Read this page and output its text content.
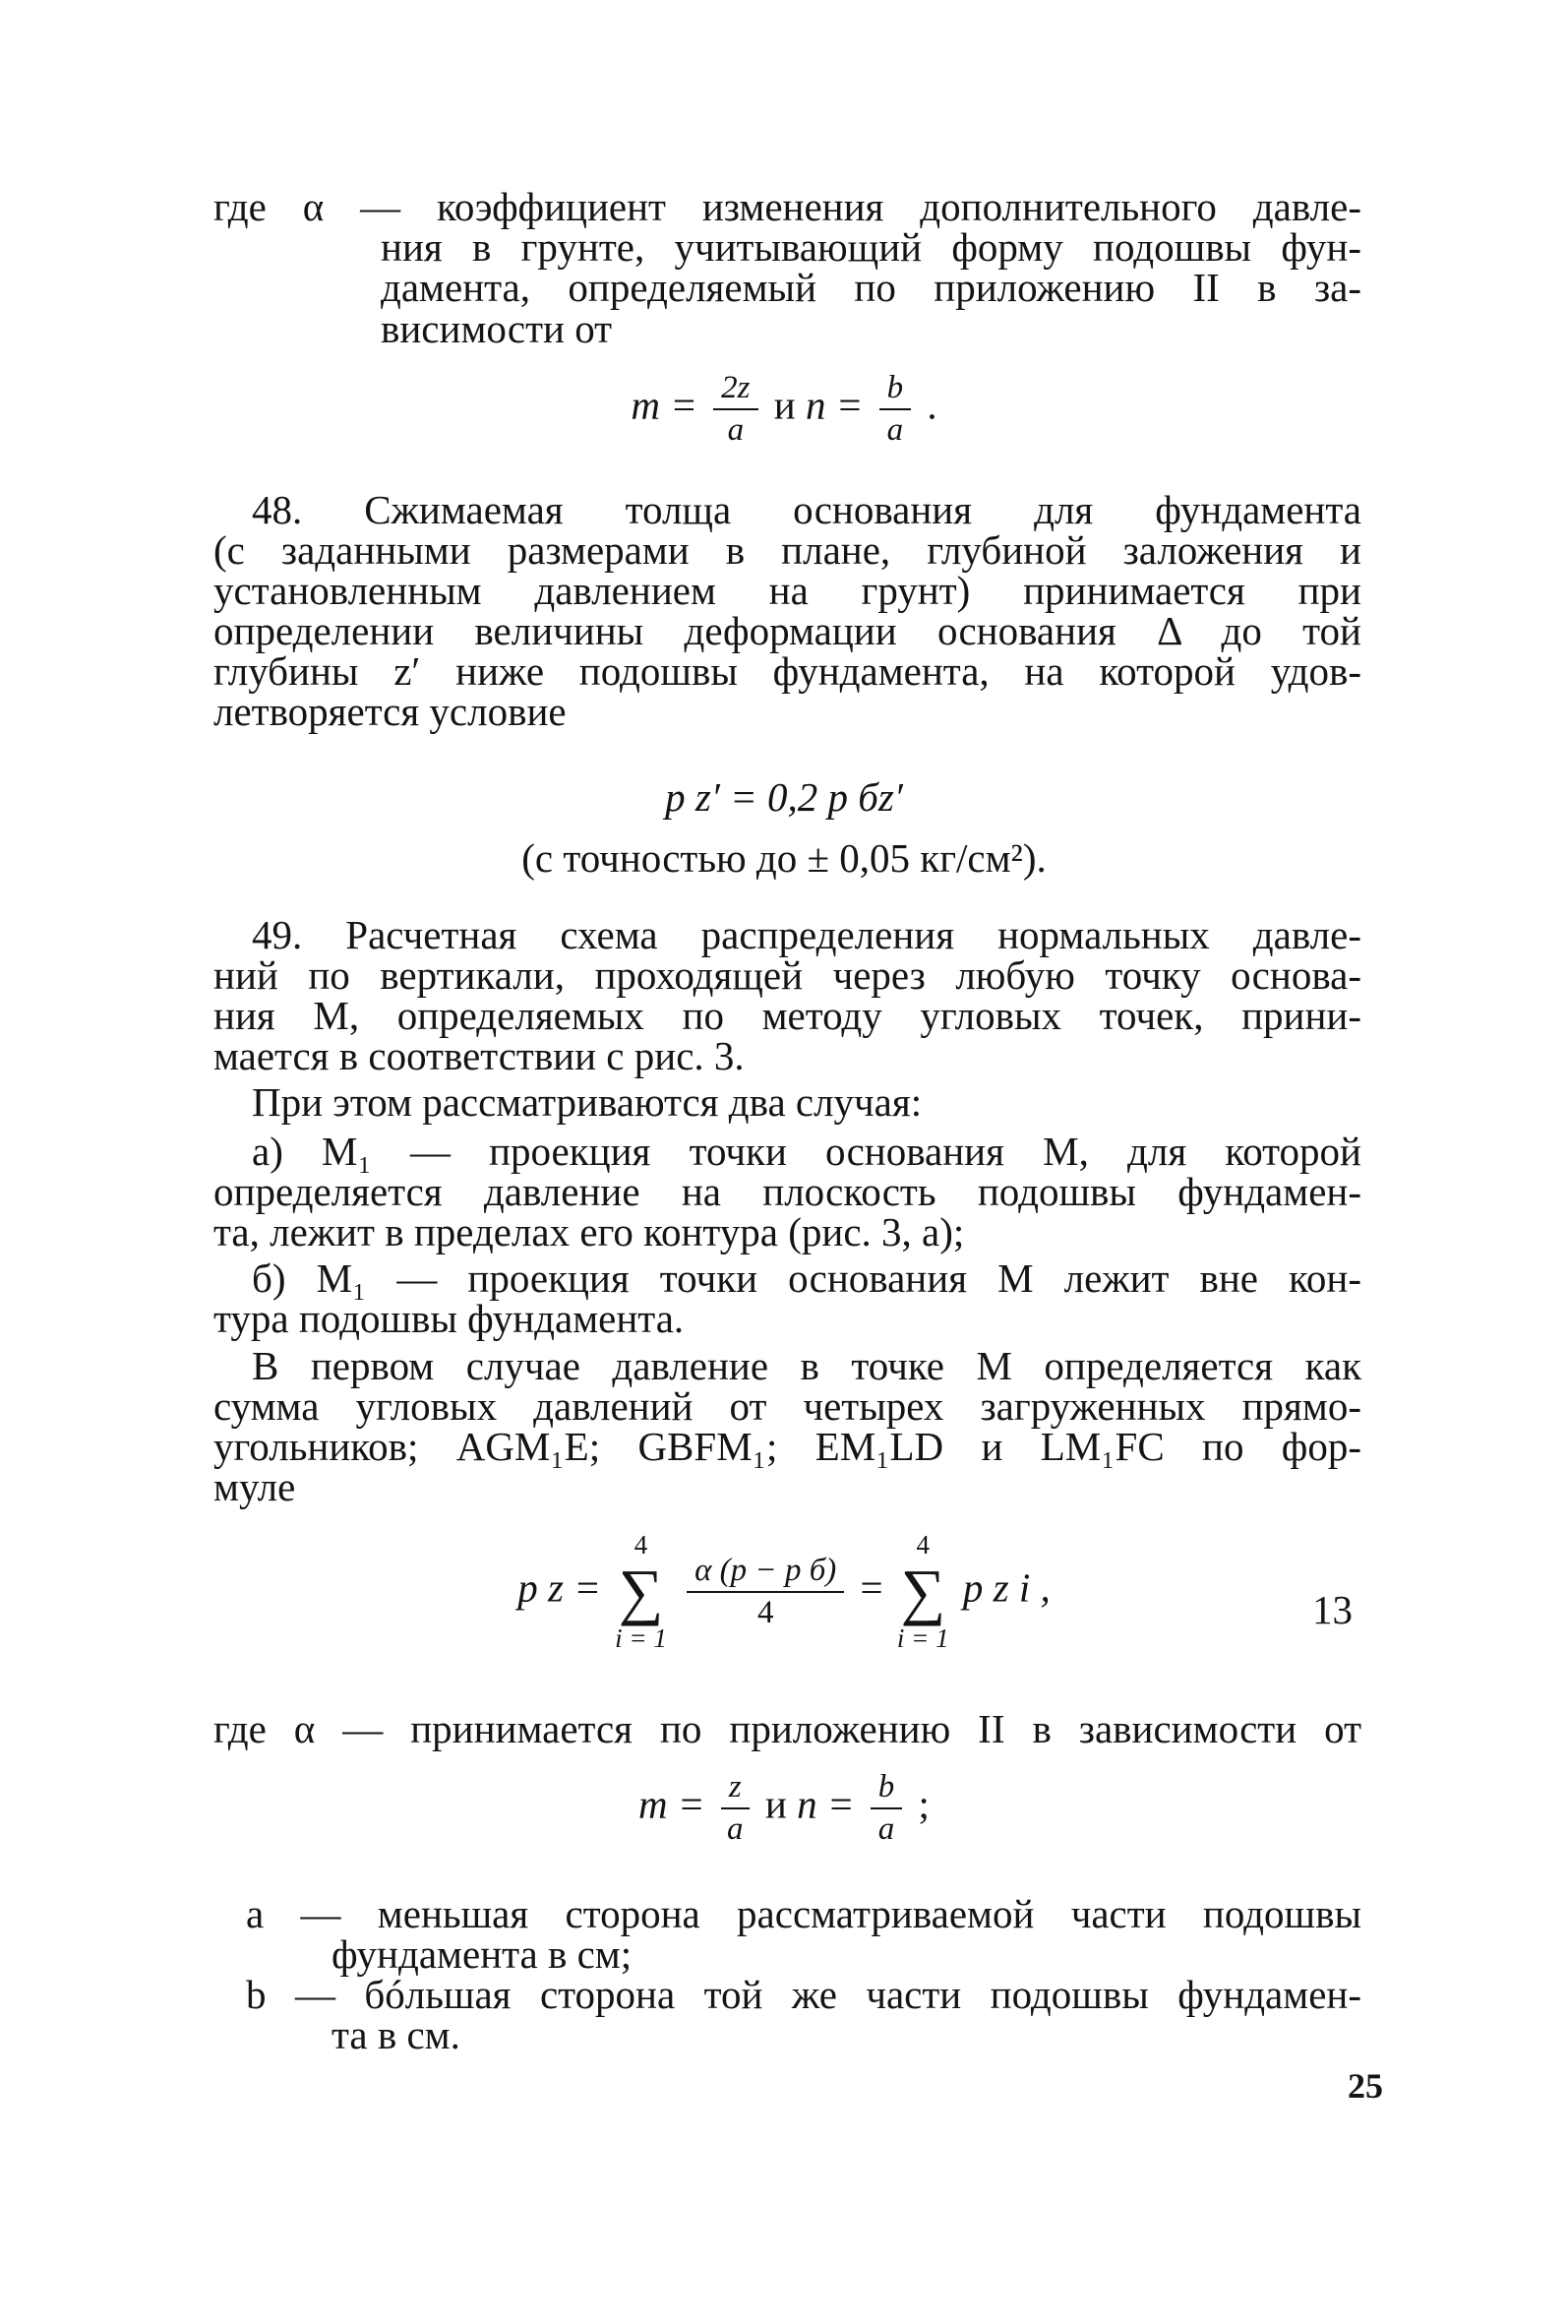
где α — коэффициент изменения дополнительного давле-
ния в грунте, учитывающий форму подошвы фун-
дамента, определяемый по приложению II в за-
висимости от
$m = \frac{2z}{a}$ и $n = \frac{b}{a}$ .
48. Сжимаемая толща основания для фундамента
(с заданными размерами в плане, глубиной заложения и
установленным давлением на грунт) принимается при
определении величины деформации основания Δ до той
глубины z′ ниже подошвы фундамента, на которой удов-
летворяется условие
p z′ = 0,2 p бz′
(с точностью до ± 0,05 кг/см²).
49. Расчетная схема распределения нормальных давле-
ний по вертикали, проходящей через любую точку основа-
ния M, определяемых по методу угловых точек, прини-
мается в соответствии с рис. 3.
При этом рассматриваются два случая:
а) M₁ — проекция точки основания M, для которой
определяется давление на плоскость подошвы фундамен-
та, лежит в пределах его контура (рис. 3, а);
б) M₁ — проекция точки основания M лежит вне кон-
тура подошвы фундамента.
В первом случае давление в точке M определяется как
сумма угловых давлений от четырех загруженных прямо-
угольников; AGM₁E; GBFM₁; EM₁LD и LM₁FC по фор-
муле
p z =
4
∑
i = 1

$\frac{\text{α (p − p б)}}{4}$ =
4
∑
i = 1
p z i ,	13
где α — принимается по приложению II в зависимости от
$m = \frac{z}{a}$ и $n = \frac{b}{a}$ ;
a — меньшая сторона рассматриваемой части подошвы
фундамента в см;
b — бóльшая сторона той же части подошвы фундамен-
та в см.
25
